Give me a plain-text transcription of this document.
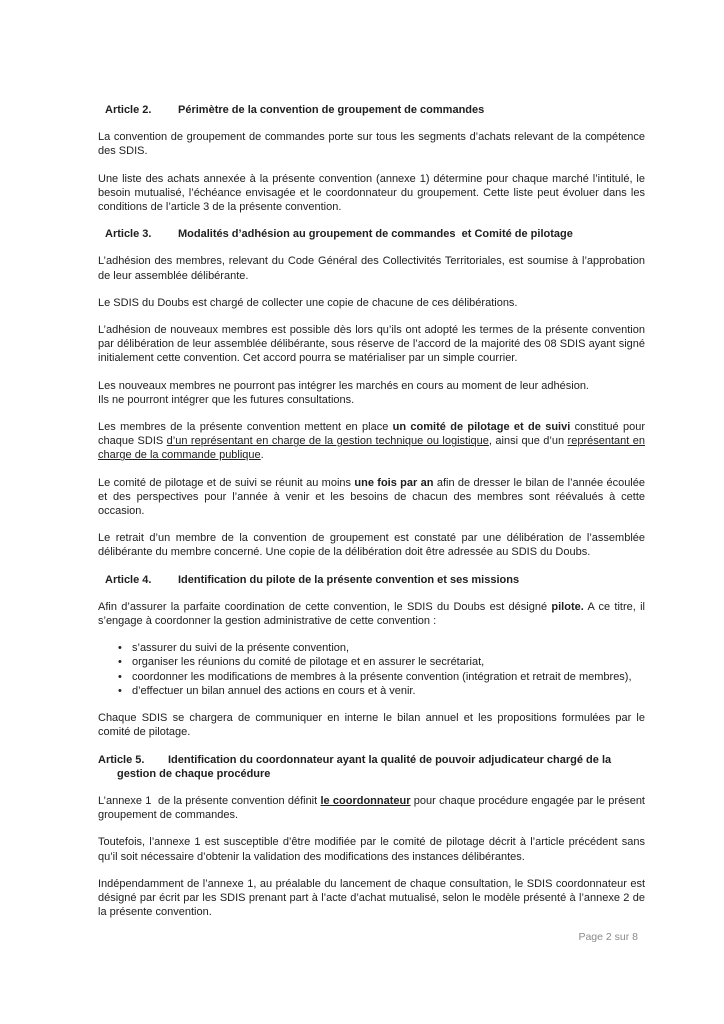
Article 2. Périmètre de la convention de groupement de commandes

La convention de groupement de commandes porte sur tous les segments d’achats relevant de la compétence des SDIS.

Une liste des achats annexée à la présente convention (annexe 1) détermine pour chaque marché l’intitulé, le besoin mutualisé, l’échéance envisagée et le coordonnateur du groupement. Cette liste peut évoluer dans les conditions de l’article 3 de la présente convention.

Article 3. Modalités d’adhésion au groupement de commandes  et Comité de pilotage

L’adhésion des membres, relevant du Code Général des Collectivités Territoriales, est soumise à l’approbation de leur assemblée délibérante.

Le SDIS du Doubs est chargé de collecter une copie de chacune de ces délibérations.

L’adhésion de nouveaux membres est possible dès lors qu’ils ont adopté les termes de la présente convention par délibération de leur assemblée délibérante, sous réserve de l’accord de la majorité des 08 SDIS ayant signé initialement cette convention. Cet accord pourra se matérialiser par un simple courrier.

Les nouveaux membres ne pourront pas intégrer les marchés en cours au moment de leur adhésion.
Ils ne pourront intégrer que les futures consultations.

Les membres de la présente convention mettent en place un comité de pilotage et de suivi constitué pour chaque SDIS d’un représentant en charge de la gestion technique ou logistique, ainsi que d’un représentant en charge de la commande publique.

Le comité de pilotage et de suivi se réunit au moins une fois par an afin de dresser le bilan de l’année écoulée et des perspectives pour l’année à venir et les besoins de chacun des membres sont réévalués à cette occasion.

Le retrait d’un membre de la convention de groupement est constaté par une délibération de l’assemblée délibérante du membre concerné. Une copie de la délibération doit être adressée au SDIS du Doubs.

Article 4. Identification du pilote de la présente convention et ses missions

Afin d’assurer la parfaite coordination de cette convention, le SDIS du Doubs est désigné pilote. A ce titre, il s’engage à coordonner la gestion administrative de cette convention :

• s’assurer du suivi de la présente convention,
• organiser les réunions du comité de pilotage et en assurer le secrétariat,
• coordonner les modifications de membres à la présente convention (intégration et retrait de membres),
• d’effectuer un bilan annuel des actions en cours et à venir.

Chaque SDIS se chargera de communiquer en interne le bilan annuel et les propositions formulées par le comité de pilotage.

Article 5. Identification du coordonnateur ayant la qualité de pouvoir adjudicateur chargé de la gestion de chaque procédure

L’annexe 1  de la présente convention définit le coordonnateur pour chaque procédure engagée par le présent groupement de commandes.

Toutefois, l’annexe 1 est susceptible d’être modifiée par le comité de pilotage décrit à l’article précédent sans qu’il soit nécessaire d’obtenir la validation des modifications des instances délibérantes.

Indépendamment de l’annexe 1, au préalable du lancement de chaque consultation, le SDIS coordonnateur est désigné par écrit par les SDIS prenant part à l’acte d’achat mutualisé, selon le modèle présenté à l’annexe 2 de la présente convention.

Page 2 sur 8
